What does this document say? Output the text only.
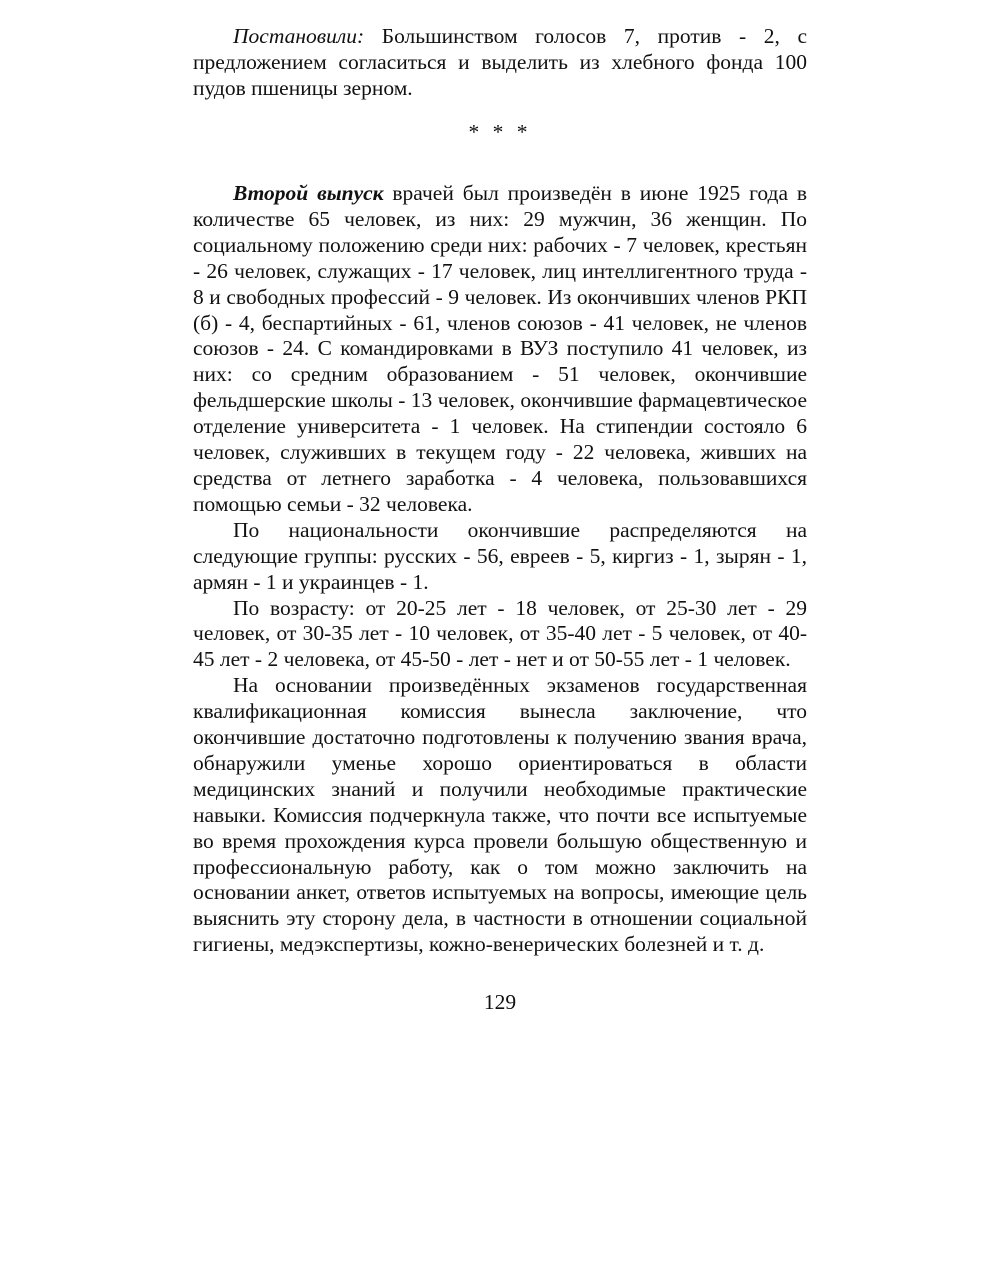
Постановили: Большинством голосов 7, против - 2, с предложением согласиться и выделить из хлебного фонда 100 пудов пшеницы зерном.

* * *

Второй выпуск врачей был произведён в июне 1925 года в количестве 65 человек, из них: 29 мужчин, 36 женщин. По социальному положению среди них: рабочих - 7 человек, крестьян - 26 человек, служащих - 17 человек, лиц интеллигентного труда - 8 и свободных профессий - 9 человек. Из окончивших членов РКП (б) - 4, беспартийных - 61, членов союзов - 41 человек, не членов союзов - 24. С командировками в ВУЗ поступило 41 человек, из них: со средним образованием - 51 человек, окончившие фельдшерские школы - 13 человек, окончившие фармацевтическое отделение университета - 1 человек. На стипендии состояло 6 человек, служивших в текущем году - 22 человека, живших на средства от летнего заработка - 4 человека, пользовавшихся помощью семьи - 32 человека.

По национальности окончившие распределяются на следующие группы: русских - 56, евреев - 5, киргиз - 1, зырян - 1, армян - 1 и украинцев - 1.

По возрасту: от 20-25 лет - 18 человек, от 25-30 лет - 29 человек, от 30-35 лет - 10 человек, от 35-40 лет - 5 человек, от 40-45 лет - 2 человека, от 45-50 - лет - нет и от 50-55 лет - 1 человек.

На основании произведённых экзаменов государственная квалификационная комиссия вынесла заключение, что окончившие достаточно подготовлены к получению звания врача, обнаружили уменье хорошо ориентироваться в области медицинских знаний и получили необходимые практические навыки. Комиссия подчеркнула также, что почти все испытуемые во время прохождения курса провели большую общественную и профессиональную работу, как о том можно заключить на основании анкет, ответов испытуемых на вопросы, имеющие цель выяснить эту сторону дела, в частности в отношении социальной гигиены, медэкспертизы, кожно-венерических болезней и т. д.

129
